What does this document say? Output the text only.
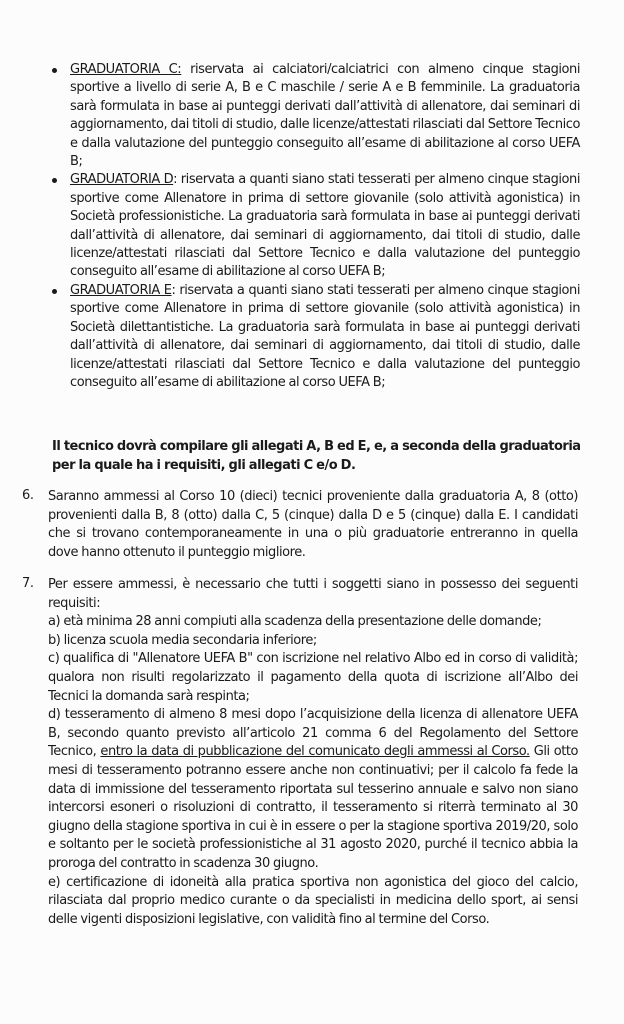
GRADUATORIA C: riservata ai calciatori/calciatrici con almeno cinque stagioni sportive a livello di serie A, B e C maschile / serie A e B femminile. La graduatoria sarà formulata in base ai punteggi derivati dall’attività di allenatore, dai seminari di aggiornamento, dai titoli di studio, dalle licenze/attestati rilasciati dal Settore Tecnico e dalla valutazione del punteggio conseguito all’esame di abilitazione al corso UEFA B;
GRADUATORIA D: riservata a quanti siano stati tesserati per almeno cinque stagioni sportive come Allenatore in prima di settore giovanile (solo attività agonistica) in Società professionistiche. La graduatoria sarà formulata in base ai punteggi derivati dall’attività di allenatore, dai seminari di aggiornamento, dai titoli di studio, dalle licenze/attestati rilasciati dal Settore Tecnico e dalla valutazione del punteggio conseguito all’esame di abilitazione al corso UEFA B;
GRADUATORIA E: riservata a quanti siano stati tesserati per almeno cinque stagioni sportive come Allenatore in prima di settore giovanile (solo attività agonistica) in Società dilettantistiche. La graduatoria sarà formulata in base ai punteggi derivati dall’attività di allenatore, dai seminari di aggiornamento, dai titoli di studio, dalle licenze/attestati rilasciati dal Settore Tecnico e dalla valutazione del punteggio conseguito all’esame di abilitazione al corso UEFA B;
Il tecnico dovrà compilare gli allegati A, B ed E, e, a seconda della graduatoria per la quale ha i requisiti, gli allegati C e/o D.
6.	Saranno ammessi al Corso 10 (dieci) tecnici proveniente dalla graduatoria A, 8 (otto) provenienti dalla B, 8 (otto) dalla C, 5 (cinque) dalla D e 5 (cinque) dalla E. I candidati che si trovano contemporaneamente in una o più graduatorie entreranno in quella dove hanno ottenuto il punteggio migliore.
7.	Per essere ammessi, è necessario che tutti i soggetti siano in possesso dei seguenti requisiti:
a) età minima 28 anni compiuti alla scadenza della presentazione delle domande;
b) licenza scuola media secondaria inferiore;
c) qualifica di "Allenatore UEFA B" con iscrizione nel relativo Albo ed in corso di validità; qualora non risulti regolarizzato il pagamento della quota di iscrizione all’Albo dei Tecnici la domanda sarà respinta;
d) tesseramento di almeno 8 mesi dopo l’acquisizione della licenza di allenatore UEFA B, secondo quanto previsto all’articolo 21 comma 6 del Regolamento del Settore Tecnico, entro la data di pubblicazione del comunicato degli ammessi al Corso. Gli otto mesi di tesseramento potranno essere anche non continuativi; per il calcolo fa fede la data di immissione del tesseramento riportata sul tesserino annuale e salvo non siano intercorsi esoneri o risoluzioni di contratto, il tesseramento si riterrà terminato al 30 giugno della stagione sportiva in cui è in essere o per la stagione sportiva 2019/20, solo e soltanto per le società professionistiche al 31 agosto 2020, purché il tecnico abbia la proroga del contratto in scadenza 30 giugno.
e) certificazione di idoneità alla pratica sportiva non agonistica del gioco del calcio, rilasciata dal proprio medico curante o da specialisti in medicina dello sport, ai sensi delle vigenti disposizioni legislative, con validità fino al termine del Corso.
